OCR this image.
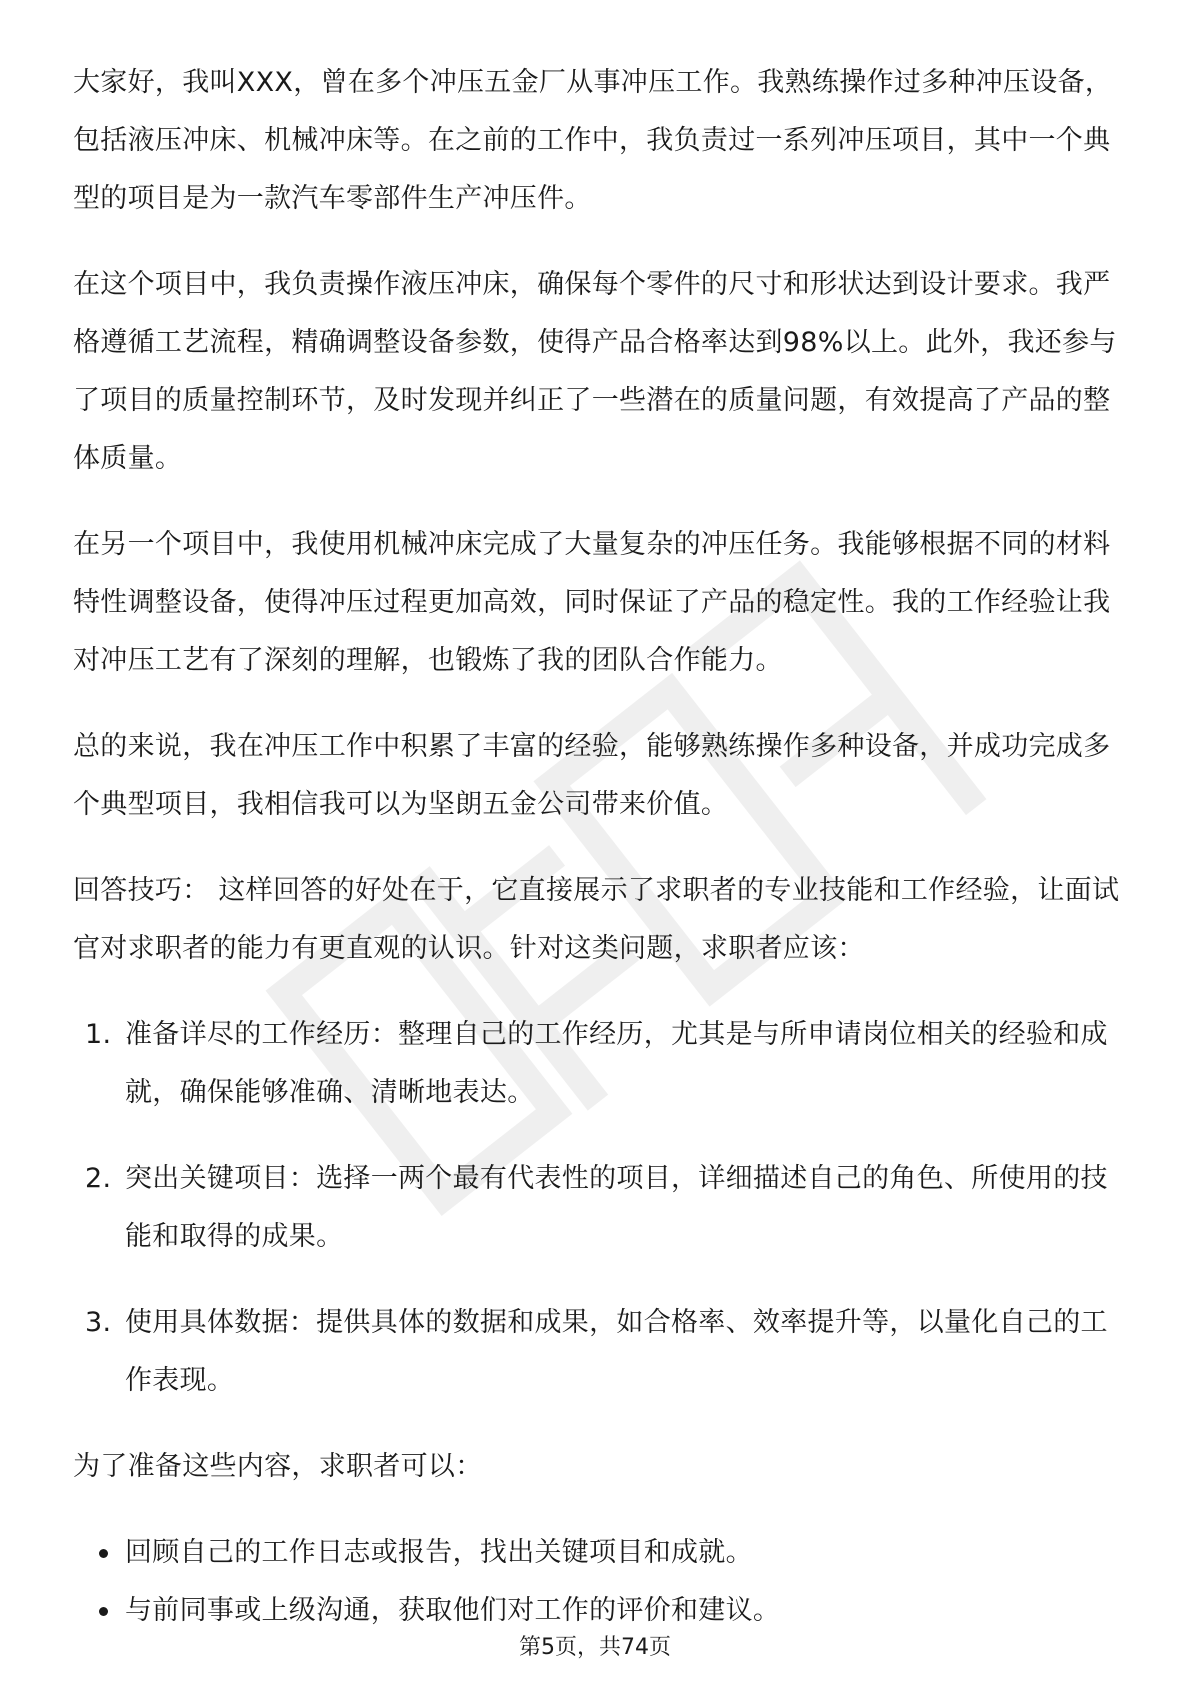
大家好，我叫XXX，曾在多个冲压五金厂从事冲压工作。我熟练操作过多种冲压设备，包括液压冲床、机械冲床等。在之前的工作中，我负责过一系列冲压项目，其中一个典型的项目是为一款汽车零部件生产冲压件。

在这个项目中，我负责操作液压冲床，确保每个零件的尺寸和形状达到设计要求。我严格遵循工艺流程，精确调整设备参数，使得产品合格率达到98%以上。此外，我还参与了项目的质量控制环节，及时发现并纠正了一些潜在的质量问题，有效提高了产品的整体质量。

在另一个项目中，我使用机械冲床完成了大量复杂的冲压任务。我能够根据不同的材料特性调整设备，使得冲压过程更加高效，同时保证了产品的稳定性。我的工作经验让我对冲压工艺有了深刻的理解，也锻炼了我的团队合作能力。

总的来说，我在冲压工作中积累了丰富的经验，能够熟练操作多种设备，并成功完成多个典型项目，我相信我可以为坚朗五金公司带来价值。

回答技巧： 这样回答的好处在于，它直接展示了求职者的专业技能和工作经验，让面试官对求职者的能力有更直观的认识。针对这类问题，求职者应该：

1. 准备详尽的工作经历：整理自己的工作经历，尤其是与所申请岗位相关的经验和成就，确保能够准确、清晰地表达。
2. 突出关键项目：选择一两个最有代表性的项目，详细描述自己的角色、所使用的技能和取得的成果。
3. 使用具体数据：提供具体的数据和成果，如合格率、效率提升等，以量化自己的工作表现。

为了准备这些内容，求职者可以：

回顾自己的工作日志或报告，找出关键项目和成就。
与前同事或上级沟通，获取他们对工作的评价和建议。
第5页，共74页
